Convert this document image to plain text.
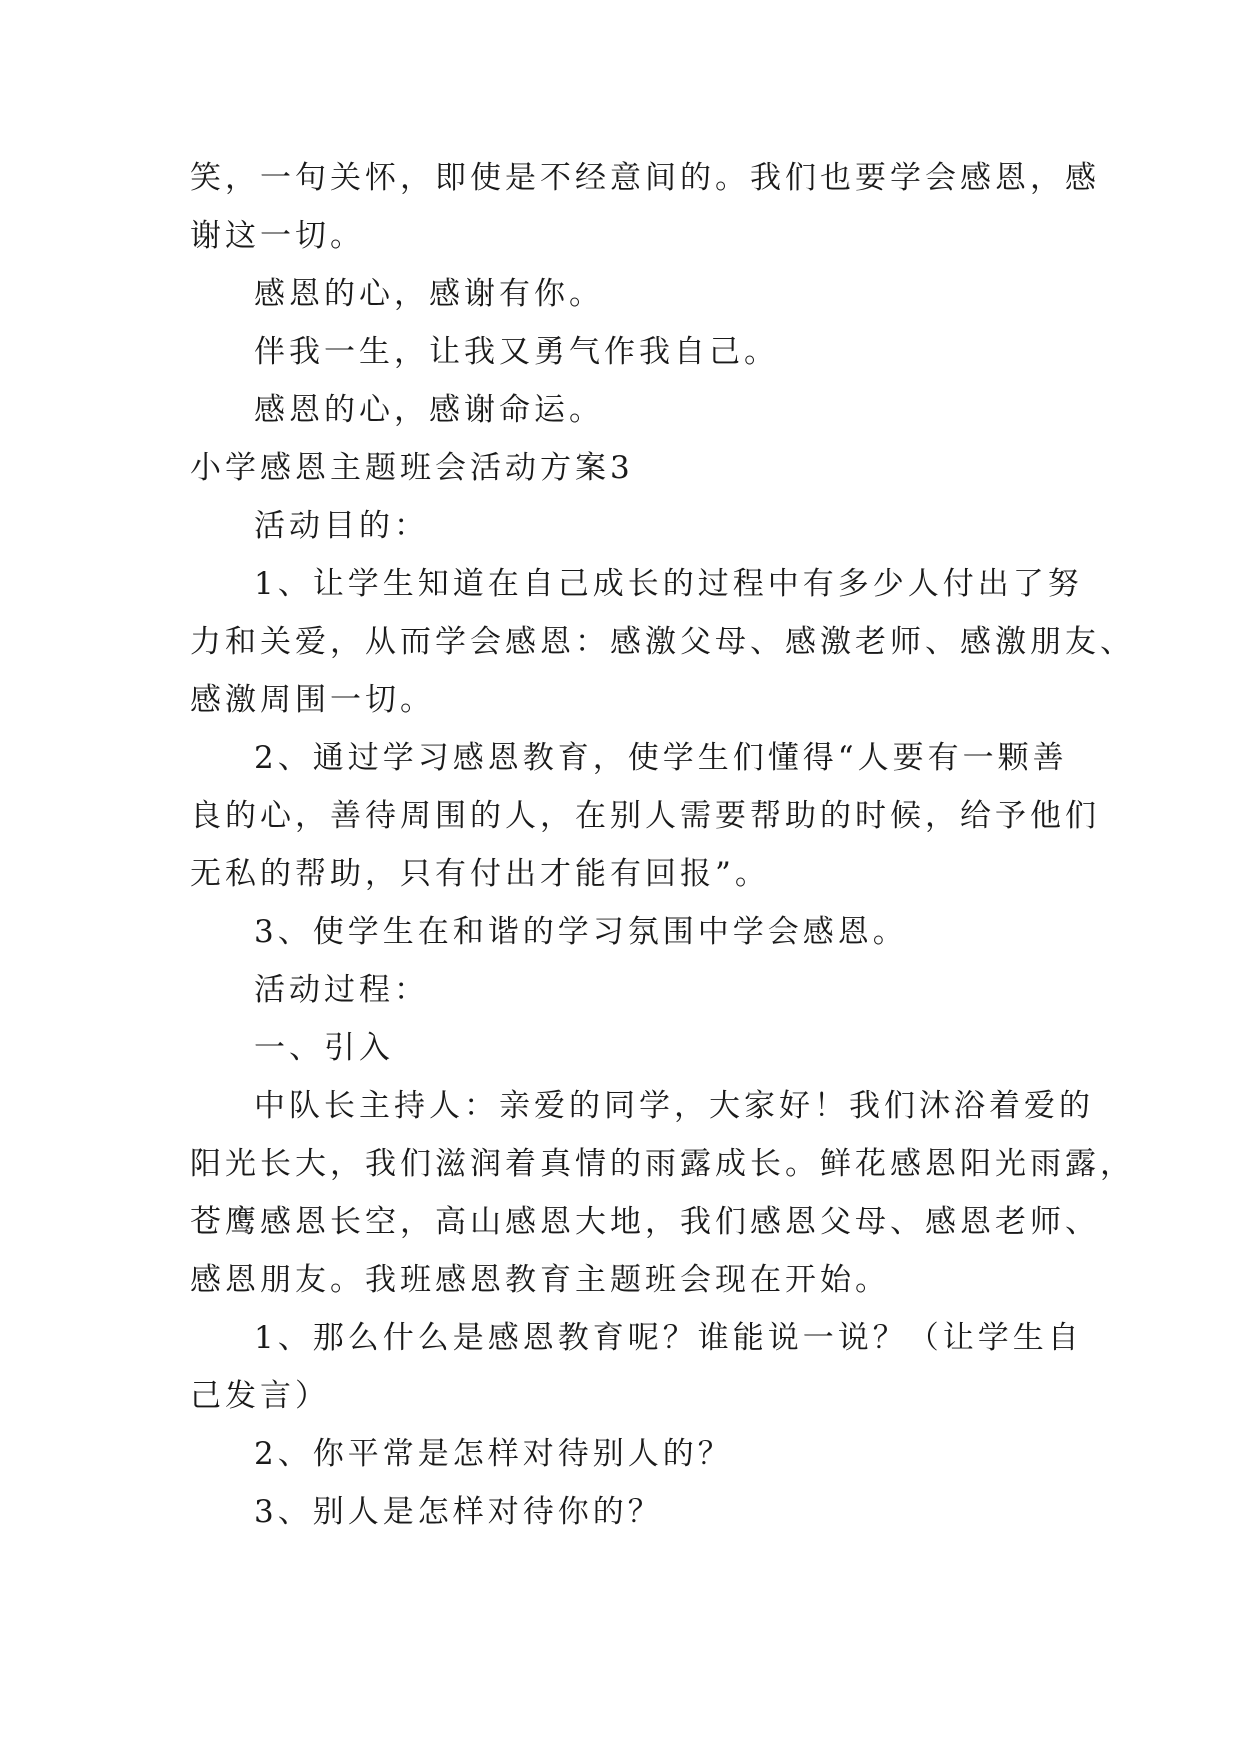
笑，一句关怀，即使是不经意间的。我们也要学会感恩，感
谢这一切。
感恩的心，感谢有你。
伴我一生，让我又勇气作我自己。
感恩的心，感谢命运。
小学感恩主题班会活动方案3
活动目的：
1、让学生知道在自己成长的过程中有多少人付出了努
力和关爱，从而学会感恩：感激父母、感激老师、感激朋友、
感激周围一切。
2、通过学习感恩教育，使学生们懂得“人要有一颗善
良的心，善待周围的人，在别人需要帮助的时候，给予他们
无私的帮助，只有付出才能有回报”。
3、使学生在和谐的学习氛围中学会感恩。
活动过程：
一、引入
中队长主持人：亲爱的同学，大家好！我们沐浴着爱的
阳光长大，我们滋润着真情的雨露成长。鲜花感恩阳光雨露，
苍鹰感恩长空，高山感恩大地，我们感恩父母、感恩老师、
感恩朋友。我班感恩教育主题班会现在开始。
1、那么什么是感恩教育呢？谁能说一说？（让学生自
己发言）
2、你平常是怎样对待别人的？
3、别人是怎样对待你的？
